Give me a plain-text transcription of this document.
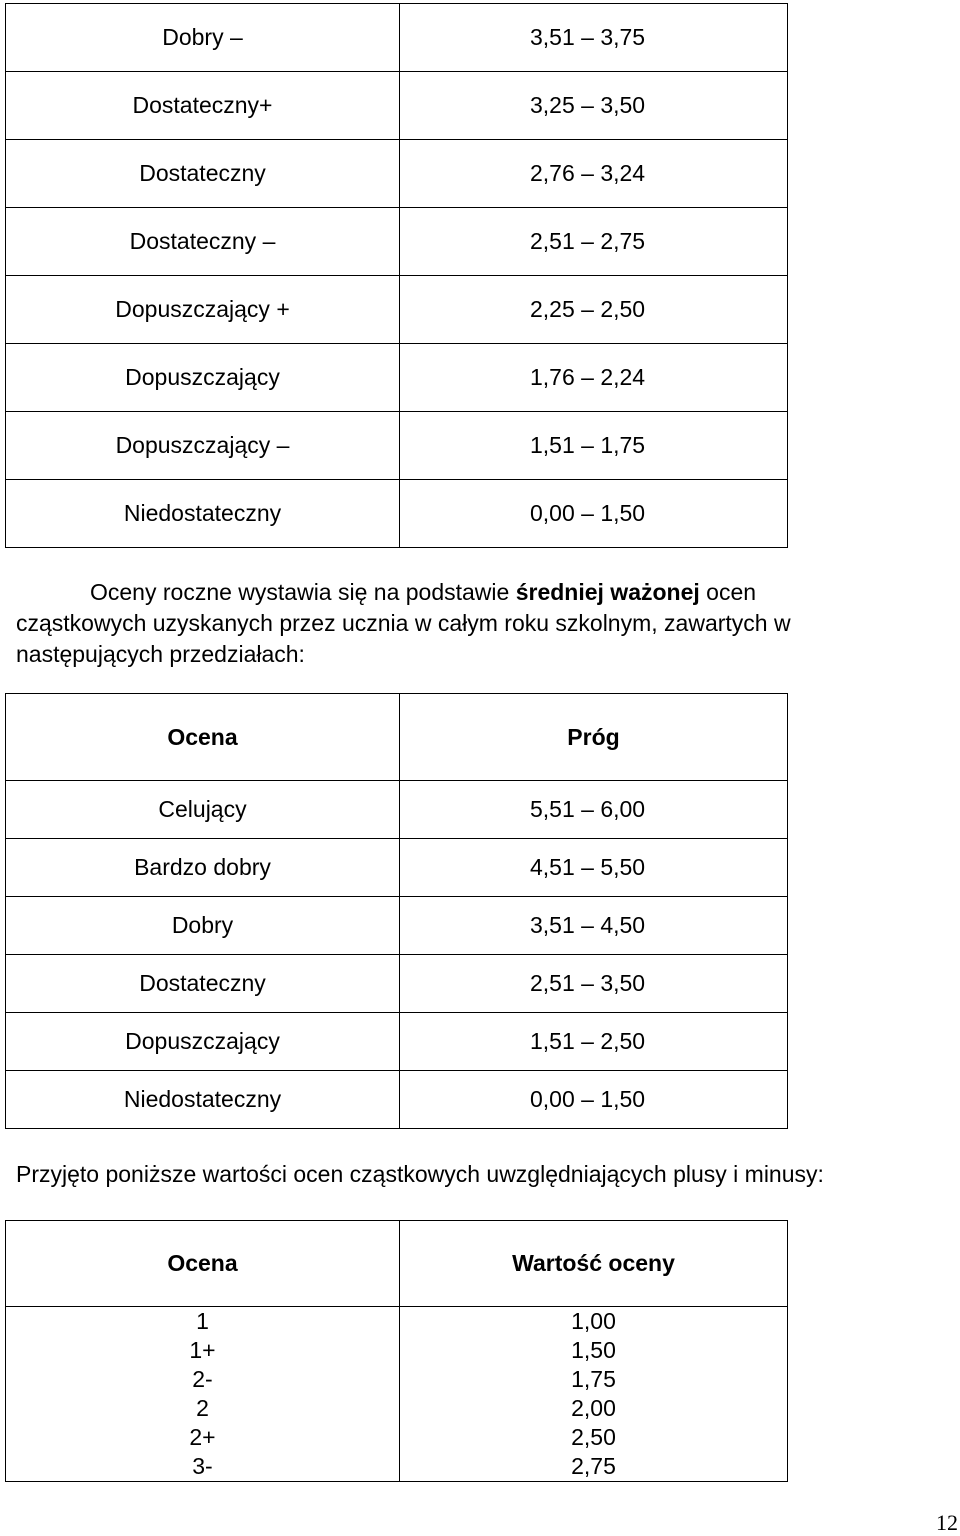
Dobry –	3,51 – 3,75

Dostateczny+	3,25 – 3,50

Dostateczny	2,76 – 3,24

Dostateczny –	2,51 – 2,75

Dopuszczający +	2,25 – 2,50

Dopuszczający	1,76 – 2,24

Dopuszczający –	1,51 – 1,75

Niedostateczny	0,00 – 1,50

Oceny roczne wystawia się na podstawie średniej ważonej ocen
cząstkowych uzyskanych przez ucznia w całym roku szkolnym, zawartych w
następujących przedziałach:

Ocena	Próg
Celujący	5,51 – 6,00

Bardzo dobry	4,51 – 5,50

Dobry	3,51 – 4,50

Dostateczny	2,51 – 3,50

Dopuszczający	1,51 – 2,50

Niedostateczny	0,00 – 1,50

Przyjęto poniższe wartości ocen cząstkowych uwzględniających plusy i minusy:

Ocena	Wartość oceny
1	1,00
1+	1,50
2-	1,75
2	2,00
2+	2,50
3-	2,75
12
